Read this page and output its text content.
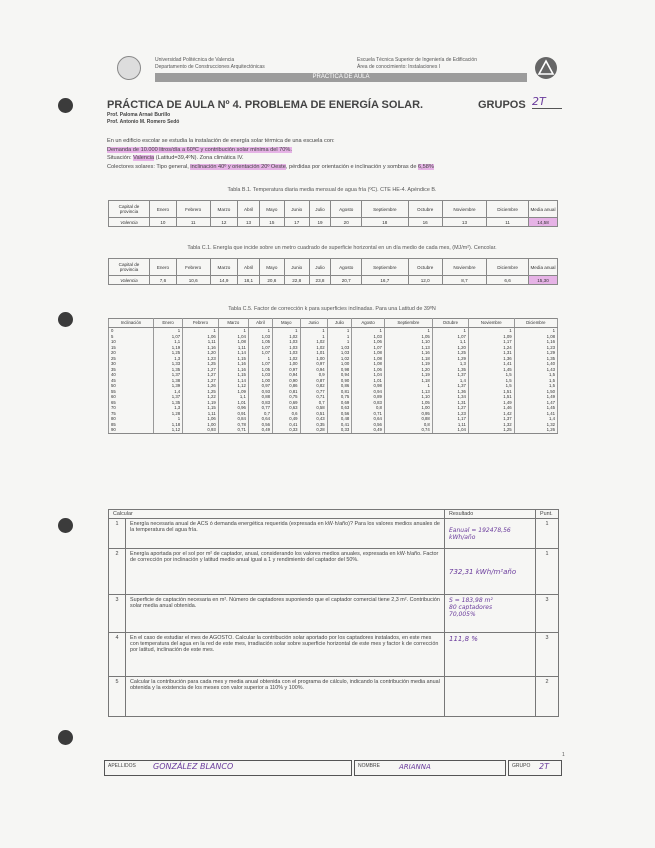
Universidad Politécnica de Valencia
Departamento de Construcciones Arquitectónicas
Escuela Técnica Superior de Ingeniería de Edificación
Área de conocimiento: Instalaciones I
PRÁCTICA DE AULA
PRÁCTICA DE AULA Nº 4. PROBLEMA DE ENERGÍA SOLAR.	GRUPOS 2T
Prof. Paloma Arnaé Burillo
Prof. Antonio M. Romero Sedó
En un edificio escolar se estudia la instalación de energía solar térmica de una escuela con:
Demanda de 10.000 litros/día a 60ºC y contribución solar mínima del 70%.
Situación: Valencia (Latitud=39,4ºN). Zona climática IV.
Colectores solares: Tipo general, inclinación 40º y orientación 20º Oeste, pérdidas por orientación e inclinación y sombras de 6,58%
Tabla B.1. Temperatura diaria media mensual de agua fría (ºC). CTE HE-4. Apéndice B.
Capital de provincia	Enero	Febrero	Marzo	Abril	Mayo	Junio	Julio	Agosto	Septiembre	Octubre	Noviembre	Diciembre	Media anual
Valencia	10	11	12	13	15	17	19	20	18	16	13	11	14,58
Tabla C.1. Energía que incide sobre un metro cuadrado de superficie horizontal en un día medio de cada mes, (MJ/m²). Cencolar.
Capital de provincia	Enero	Febrero	Marzo	Abril	Mayo	Junio	Julio	Agosto	Septiembre	Octubre	Noviembre	Diciembre	Media anual
Valencia	7,6	10,6	14,9	18,1	20,6	22,8	23,8	20,7	16,7	12,0	8,7	6,6	15,30
Tabla C.5. Factor de corrección k para superficies inclinadas. Para una Latitud de 39ºN
Inclinación	Enero	Febrero	Marzo	Abril	Mayo	Junio	Julio	Agosto	Septiembre	Octubre	Noviembre	Diciembre
0	1	1	1	1	1	1	1	1	1	1	1	1
5	1,07	1,06	1,04	1,03	1,02	1	1	1,03	1,05	1,07	1,09	1,08
10	1,1	1,11	1,08	1,05	1,03	1,02	1	1,06	1,10	1,1	1,17	1,16
15	1,19	1,16	1,11	1,07	1,03	1,02	1,03	1,07	1,13	1,20	1,24	1,23
20	1,25	1,20	1,14	1,07	1,03	1,01	1,03	1,08	1,16	1,25	1,31	1,29
25	1,3	1,23	1,15	1	1,02	1,00	1,02	1,08	1,18	1,29	1,36	1,35
30	1,33	1,25	1,16	1,07	1,00	0,97	1,00	1,08	1,19	1,3	1,41	1,40
35	1,35	1,27	1,16	1,05	0,97	0,94	0,98	1,06	1,20	1,35	1,45	1,43
40	1,37	1,27	1,15	1,03	0,94	0,9	0,94	1,04	1,19	1,37	1,5	1,5
45	1,38	1,27	1,14	1,00	0,90	0,87	0,90	1,01	1,18	1,4	1,5	1,5
50	1,39	1,26	1,12	0,97	0,86	0,82	0,86	0,98	1	1,37	1,5	1,5
55	1,4	1,25	1,09	0,93	0,81	0,77	0,81	0,94	1,13	1,36	1,51	1,50
60	1,37	1,22	1,1	0,88	0,75	0,71	0,75	0,89	1,10	1,34	1,51	1,49
65	1,35	1,19	1,01	0,83	0,69	0,7	0,69	0,83	1,05	1,31	1,49	1,47
70	1,3	1,15	0,96	0,77	0,63	0,58	0,63	0,8	1,00	1,27	1,46	1,45
75	1,28	1,11	0,91	0,7	0,6	0,51	0,56	0,71	0,95	1,23	1,42	1,41
80	1	1,06	0,84	0,64	0,49	0,43	0,48	0,64	0,88	1,17	1,37	1,4
85	1,18	1,00	0,78	0,56	0,41	0,35	0,41	0,56	0,8	1,11	1,32	1,32
90	1,12	0,93	0,71	0,49	0,33	0,28	0,33	0,49	0,74	1,04	1,25	1,26
Calcular		Resultado	Punt.
1	Energía necesaria anual de ACS ó demanda energética requerida (expresada en kW·h/año)? Para los valores medios anuales de la temperatura del agua fría.	Eanual = 192478,56 kWh/año	1
2	Energía aportada por el sol por m² de captador, anual, considerando los valores medios anuales, expresada en kW·h/año. Factor de corrección por inclinación y latitud medio anual igual a 1 y rendimiento del captador del 50%.	732,31 kWh/m²año	1
3	Superficie de captación necesaria en m². Número de captadores suponiendo que el captador comercial tiene 2,3 m². Contribución solar media anual obtenida.	S = 183,98 m²
80 captadores
70,005%	3
4	En el caso de estudiar el mes de AGOSTO. Calcular la contribución solar aportado por los captadores instalados, en este mes con temperatura del agua en la red de este mes, irradiación solar sobre superficie horizontal de este mes y factor k de corrección por latitud, inclinación de este mes.	111,8 %	3
5	Calcular la contribución para cada mes y media anual obtenida con el programa de cálculo, indicando la contribución media anual obtenida y la existencia de los meses con valor superior a 110% y 100%.		2
1
APELLIDOS GONZÁLEZ BLANCO	NOMBRE	ARIANNA	GRUPO 2T
